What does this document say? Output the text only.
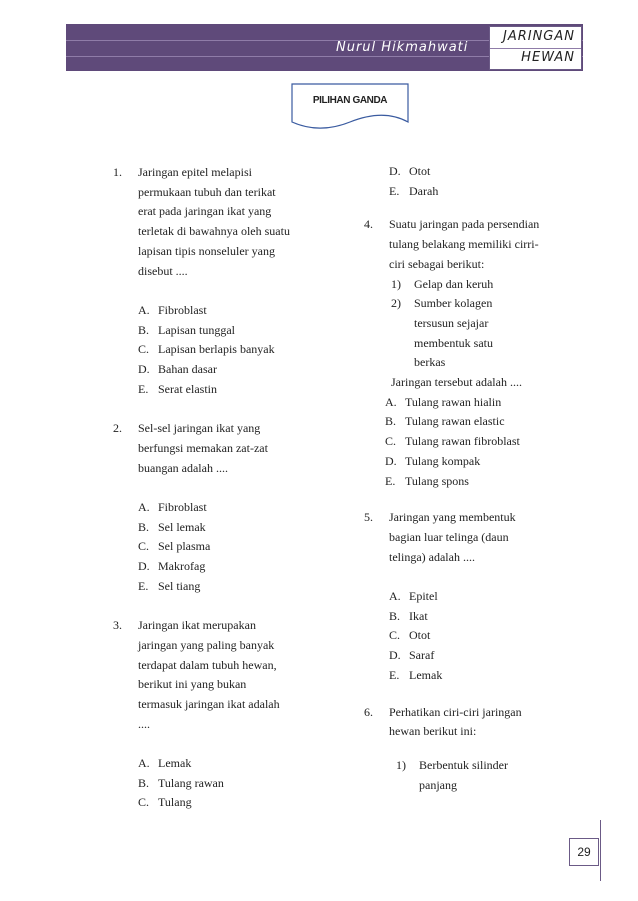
Nurul Hikmahwati
JARINGAN
HEWAN
PILIHAN GANDA
1. Jaringan epitel melapisi
permukaan tubuh dan terikat
erat pada jaringan ikat yang
terletak di bawahnya oleh suatu
lapisan tipis nonseluler yang
disebut ....
A. Fibroblast
B. Lapisan tunggal
C. Lapisan berlapis banyak
D. Bahan dasar
E. Serat elastin
2. Sel-sel jaringan ikat yang
berfungsi memakan zat-zat
buangan adalah ....
A. Fibroblast
B. Sel lemak
C. Sel plasma
D. Makrofag
E. Sel tiang
3. Jaringan ikat merupakan
jaringan yang paling banyak
terdapat dalam tubuh hewan,
berikut ini yang bukan
termasuk jaringan ikat adalah
....
A. Lemak
B. Tulang rawan
C. Tulang
D. Otot
E. Darah
4. Suatu jaringan pada persendian
tulang belakang memiliki cirri-
ciri sebagai berikut:
1) Gelap dan keruh
2) Sumber kolagen
tersusun sejajar
membentuk satu
berkas
Jaringan tersebut adalah ....
A. Tulang rawan hialin
B. Tulang rawan elastic
C. Tulang rawan fibroblast
D. Tulang kompak
E. Tulang spons
5. Jaringan yang membentuk
bagian luar telinga (daun
telinga) adalah ....
A. Epitel
B. Ikat
C. Otot
D. Saraf
E. Lemak
6. Perhatikan ciri-ciri jaringan
hewan berikut ini:
1) Berbentuk silinder
panjang
29
